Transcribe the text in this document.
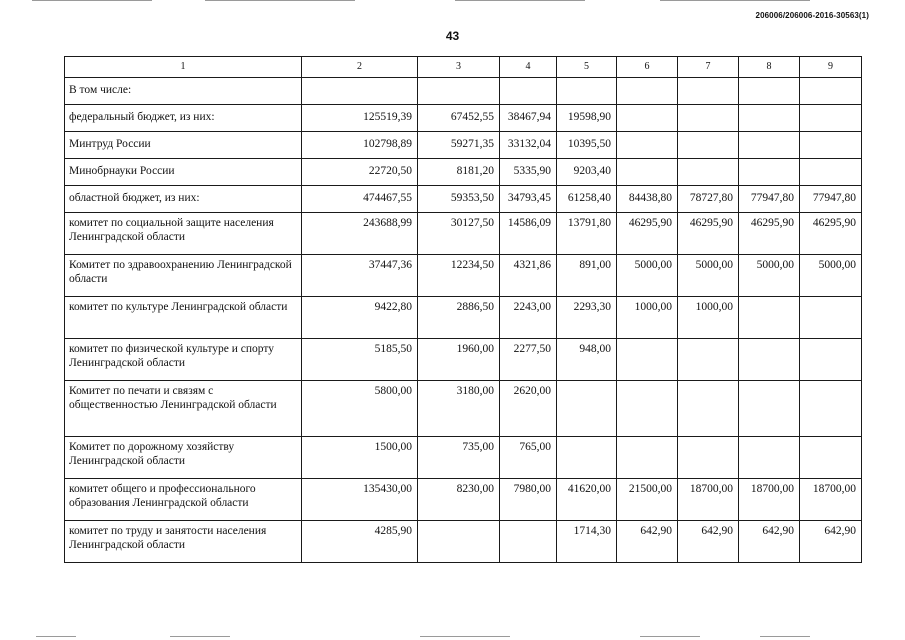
206006/206006-2016-30563(1)
43
1	2	3	4	5	6	7	8	9
В том числе:								
федеральный бюджет, из них:	125519,39	67452,55	38467,94	19598,90				
Минтруд России	102798,89	59271,35	33132,04	10395,50				
Минобрнауки России	22720,50	8181,20	5335,90	9203,40				
областной бюджет, из них:	474467,55	59353,50	34793,45	61258,40	84438,80	78727,80	77947,80	77947,80
комитет по социальной защите населения Ленинградской области	243688,99	30127,50	14586,09	13791,80	46295,90	46295,90	46295,90	46295,90
Комитет по здравоохранению Ленинградской области	37447,36	12234,50	4321,86	891,00	5000,00	5000,00	5000,00	5000,00
комитет по культуре Ленинградской области	9422,80	2886,50	2243,00	2293,30	1000,00	1000,00		
комитет по физической культуре и спорту Ленинградской области	5185,50	1960,00	2277,50	948,00				
Комитет по печати и связям с общественностью Ленинградской области	5800,00	3180,00	2620,00					
Комитет по дорожному хозяйству Ленинградской области	1500,00	735,00	765,00					
комитет общего и профессионального образования Ленинградской области	135430,00	8230,00	7980,00	41620,00	21500,00	18700,00	18700,00	18700,00
комитет по труду и занятости населения Ленинградской области	4285,90			1714,30	642,90	642,90	642,90	642,90
